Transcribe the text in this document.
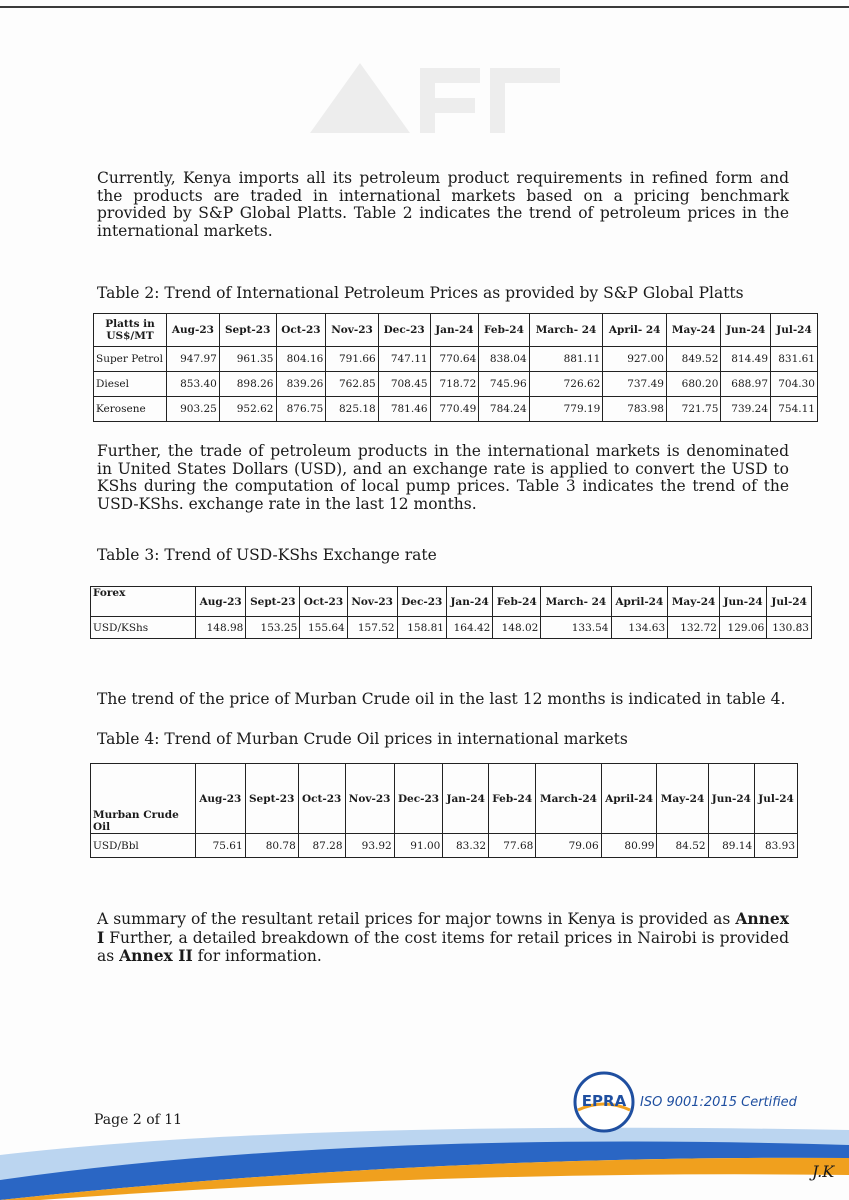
Currently, Kenya imports all its petroleum product requirements in refined form and the products are traded in international markets based on a pricing benchmark provided by S&P Global Platts. Table 2 indicates the trend of petroleum prices in the international markets.

Table 2: Trend of International Petroleum Prices as provided by S&P Global Platts
Platts in US$/MT	Aug-23	Sept-23	Oct-23	Nov-23	Dec-23	Jan-24	Feb-24	March- 24	April- 24	May-24	Jun-24	Jul-24
Super Petrol	947.97	961.35	804.16	791.66	747.11	770.64	838.04	881.11	927.00	849.52	814.49	831.61
Diesel	853.40	898.26	839.26	762.85	708.45	718.72	745.96	726.62	737.49	680.20	688.97	704.30
Kerosene	903.25	952.62	876.75	825.18	781.46	770.49	784.24	779.19	783.98	721.75	739.24	754.11

Further, the trade of petroleum products in the international markets is denominated in United States Dollars (USD), and an exchange rate is applied to convert the USD to KShs during the computation of local pump prices. Table 3 indicates the trend of the USD-KShs. exchange rate in the last 12 months.

Table 3: Trend of USD-KShs Exchange rate
Forex	Aug-23	Sept-23	Oct-23	Nov-23	Dec-23	Jan-24	Feb-24	March- 24	April-24	May-24	Jun-24	Jul-24
USD/KShs	148.98	153.25	155.64	157.52	158.81	164.42	148.02	133.54	134.63	132.72	129.06	130.83
The trend of the price of Murban Crude oil in the last 12 months is indicated in table 4.
Table 4: Trend of Murban Crude Oil prices in international markets
Murban Crude Oil	Aug-23	Sept-23	Oct-23	Nov-23	Dec-23	Jan-24	Feb-24	March-24	April-24	May-24	Jun-24	Jul-24
USD/Bbl	75.61	80.78	87.28	93.92	91.00	83.32	77.68	79.06	80.99	84.52	89.14	83.93

A summary of the resultant retail prices for major towns in Kenya is provided as Annex I Further, a detailed breakdown of the cost items for retail prices in Nairobi is provided as Annex II for information.

Page 2 of 11
EPRA ISO 9001:2015 Certified
J.K
